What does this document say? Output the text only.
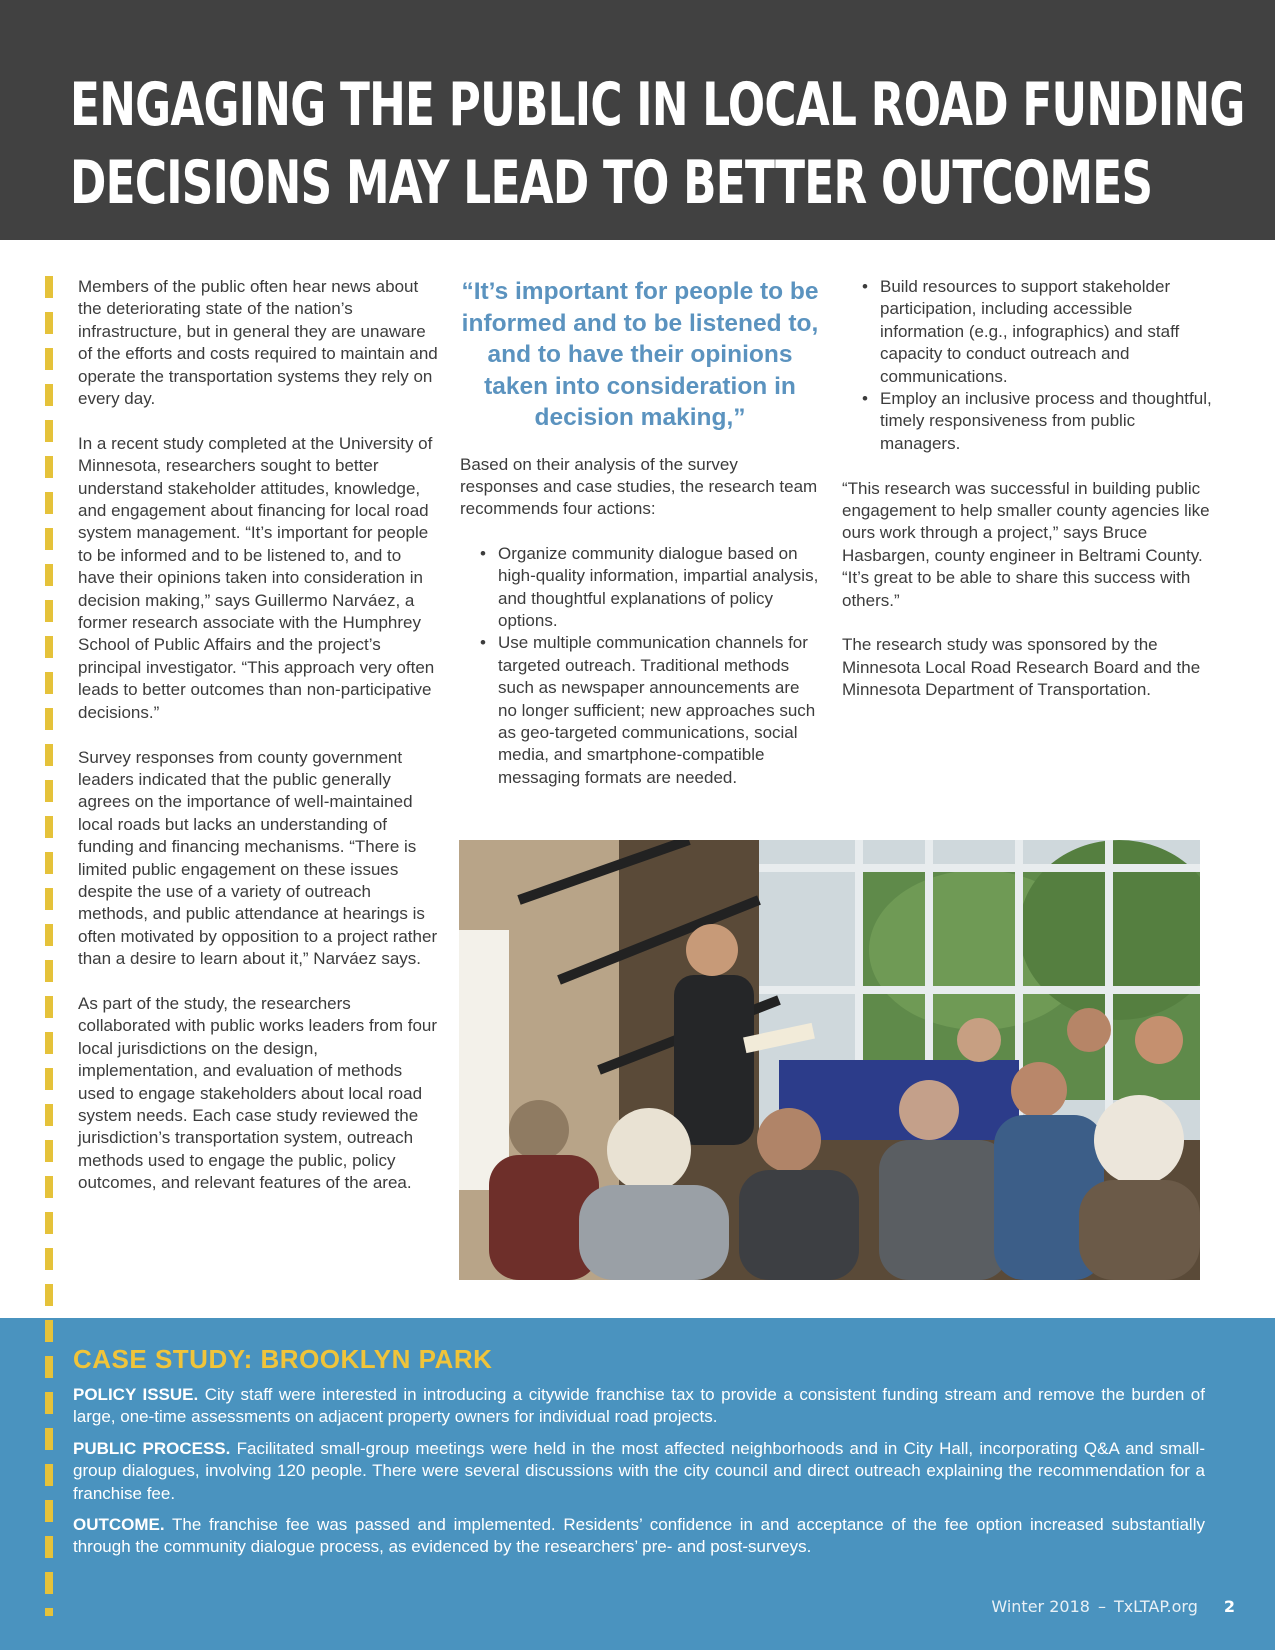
ENGAGING THE PUBLIC IN LOCAL ROAD FUNDING
DECISIONS MAY LEAD TO BETTER OUTCOMES

Members of the public often hear news about the deteriorating state of the nation’s infrastructure, but in general they are unaware of the efforts and costs required to maintain and operate the transportation systems they rely on every day.

In a recent study completed at the University of Minnesota, researchers sought to better understand stakeholder attitudes, knowledge, and engagement about financing for local road system management. “It’s important for people to be informed and to be listened to, and to have their opinions taken into consideration in decision making,” says Guillermo Narváez, a former research associate with the Humphrey School of Public Affairs and the project’s principal investigator. “This approach very often leads to better outcomes than non-participative decisions.”

Survey responses from county government leaders indicated that the public generally agrees on the importance of well-maintained local roads but lacks an understanding of funding and financing mechanisms. “There is limited public engagement on these issues despite the use of a variety of outreach methods, and public attendance at hearings is often motivated by opposition to a project rather than a desire to learn about it,” Narváez says.

As part of the study, the researchers collaborated with public works leaders from four local jurisdictions on the design, implementation, and evaluation of methods used to engage stakeholders about local road system needs. Each case study reviewed the jurisdiction’s transportation system, outreach methods used to engage the public, policy outcomes, and relevant features of the area.

“It’s important for people to be informed and to be listened to, and to have their opinions taken into consideration in decision making,”

Based on their analysis of the survey responses and case studies, the research team recommends four actions:

• Organize community dialogue based on high-quality information, impartial analysis, and thoughtful explanations of policy options.
• Use multiple communication channels for targeted outreach. Traditional methods such as newspaper announcements are no longer sufficient; new approaches such as geo-targeted communications, social media, and smartphone-compatible messaging formats are needed.
• Build resources to support stakeholder participation, including accessible information (e.g., infographics) and staff capacity to conduct outreach and communications.
• Employ an inclusive process and thoughtful, timely responsiveness from public managers.

“This research was successful in building public engagement to help smaller county agencies like ours work through a project,” says Bruce Hasbargen, county engineer in Beltrami County. “It’s great to be able to share this success with others.”

The research study was sponsored by the Minnesota Local Road Research Board and the Minnesota Department of Transportation.

CASE STUDY: BROOKLYN PARK
POLICY ISSUE. City staff were interested in introducing a citywide franchise tax to provide a consistent funding stream and remove the burden of large, one-time assessments on adjacent property owners for individual road projects.
PUBLIC PROCESS. Facilitated small-group meetings were held in the most affected neighborhoods and in City Hall, incorporating Q&A and small-group dialogues, involving 120 people. There were several discussions with the city council and direct outreach explaining the recommendation for a franchise fee.
OUTCOME. The franchise fee was passed and implemented. Residents’ confidence in and acceptance of the fee option increased substantially through the community dialogue process, as evidenced by the researchers’ pre- and post-surveys.
Winter 2018 – TxLTAP.org 2
